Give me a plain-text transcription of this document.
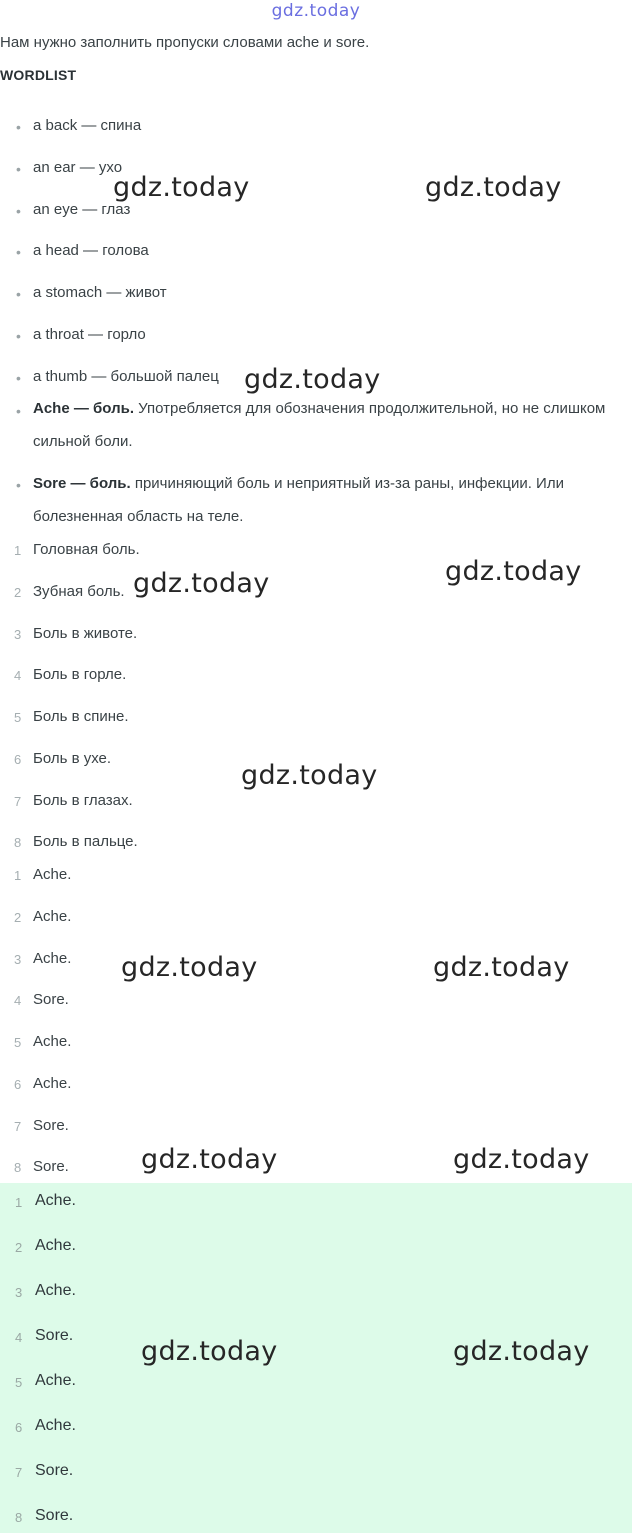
gdz.today
Нам нужно заполнить пропуски словами ache и sore.
WORDLIST
• a back — спина
• an ear — ухо
• an eye — глаз
• a head — голова
• a stomach — живот
• a throat — горло
• a thumb — большой палец
• Ache — боль. Употребляется для обозначения продолжительной, но не слишком сильной боли.
• Sore — боль. причиняющий боль и неприятный из-за раны, инфекции. Или болезненная область на теле.
1 Головная боль.
2 Зубная боль.
3 Боль в животе.
4 Боль в горле.
5 Боль в спине.
6 Боль в ухе.
7 Боль в глазах.
8 Боль в пальце.
1 Ache.
2 Ache.
3 Ache.
4 Sore.
5 Ache.
6 Ache.
7 Sore.
8 Sore.
1 Ache.
2 Ache.
3 Ache.
4 Sore.
5 Ache.
6 Ache.
7 Sore.
8 Sore.
gdz.today	gdz.today
gdz.today
gdz.today	gdz.today
gdz.today
gdz.today	gdz.today
gdz.today	gdz.today
gdz.today	gdz.today
